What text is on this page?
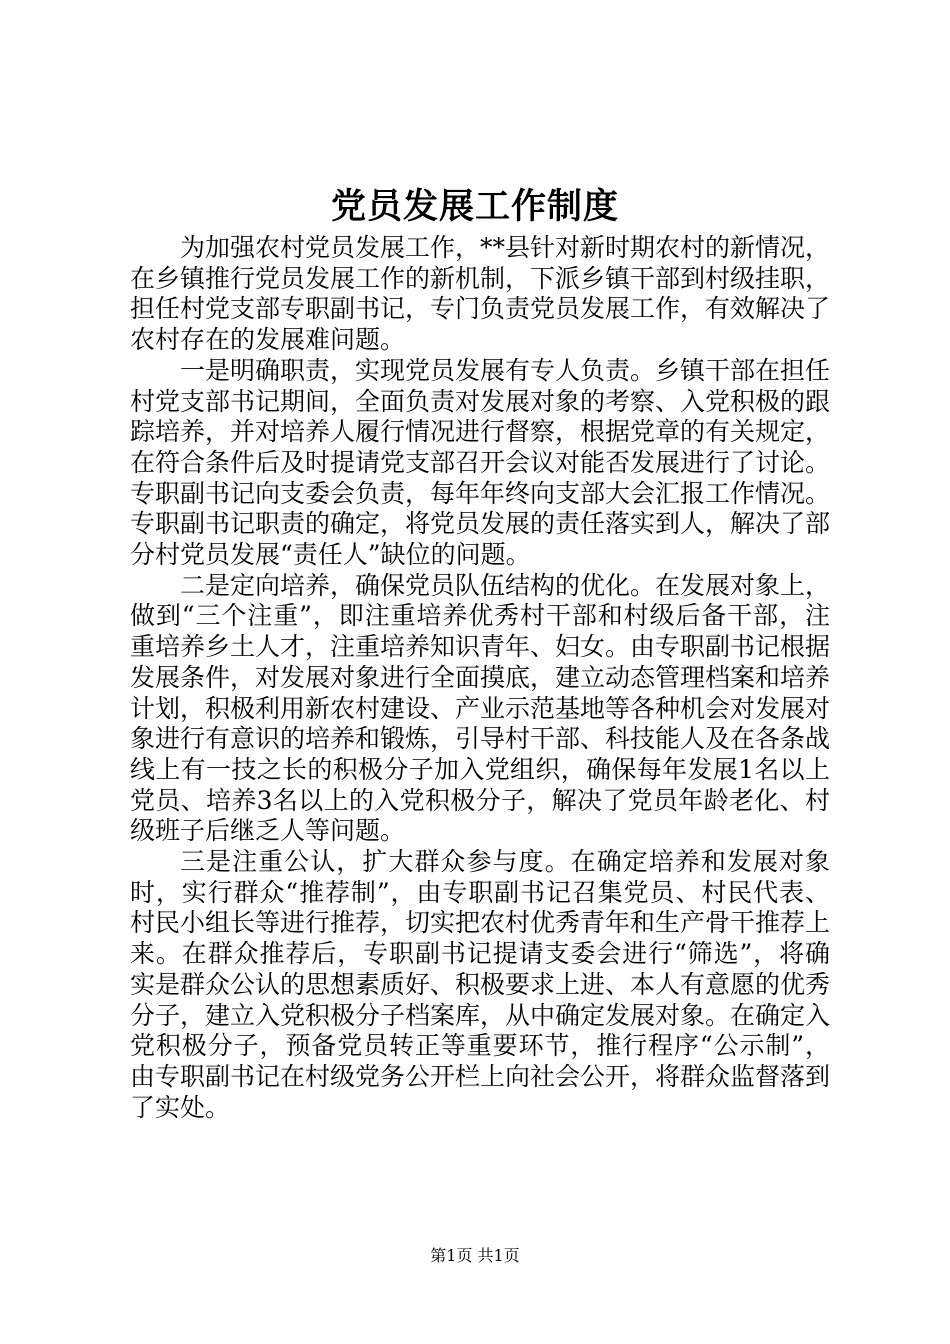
党员发展工作制度

为加强农村党员发展工作，**县针对新时期农村的新情况，在乡镇推行党员发展工作的新机制，下派乡镇干部到村级挂职，担任村党支部专职副书记，专门负责党员发展工作，有效解决了农村存在的发展难问题。

一是明确职责，实现党员发展有专人负责。乡镇干部在担任村党支部书记期间，全面负责对发展对象的考察、入党积极的跟踪培养，并对培养人履行情况进行督察，根据党章的有关规定，在符合条件后及时提请党支部召开会议对能否发展进行了讨论。专职副书记向支委会负责，每年年终向支部大会汇报工作情况。专职副书记职责的确定，将党员发展的责任落实到人，解决了部分村党员发展“责任人”缺位的问题。

二是定向培养，确保党员队伍结构的优化。在发展对象上，做到“三个注重”，即注重培养优秀村干部和村级后备干部，注重培养乡土人才，注重培养知识青年、妇女。由专职副书记根据发展条件，对发展对象进行全面摸底，建立动态管理档案和培养计划，积极利用新农村建设、产业示范基地等各种机会对发展对象进行有意识的培养和锻炼，引导村干部、科技能人及在各条战线上有一技之长的积极分子加入党组织，确保每年发展1名以上党员、培养3名以上的入党积极分子，解决了党员年龄老化、村级班子后继乏人等问题。

三是注重公认，扩大群众参与度。在确定培养和发展对象时，实行群众“推荐制”，由专职副书记召集党员、村民代表、村民小组长等进行推荐，切实把农村优秀青年和生产骨干推荐上来。在群众推荐后，专职副书记提请支委会进行“筛选”，将确实是群众公认的思想素质好、积极要求上进、本人有意愿的优秀分子，建立入党积极分子档案库，从中确定发展对象。在确定入党积极分子，预备党员转正等重要环节，推行程序“公示制”，由专职副书记在村级党务公开栏上向社会公开，将群众监督落到了实处。

第1页 共1页
